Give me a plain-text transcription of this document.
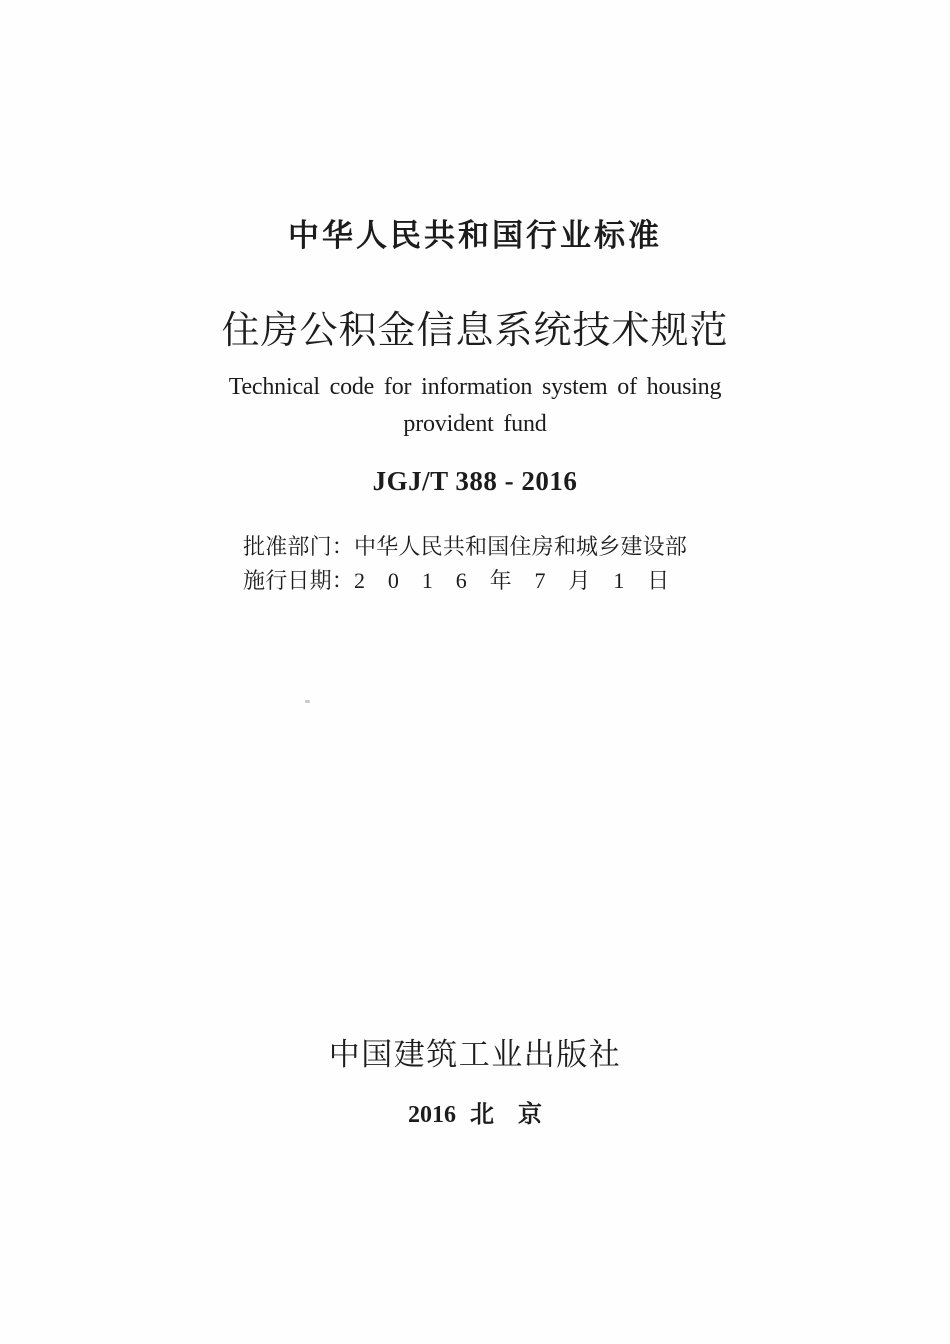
中华人民共和国行业标准
住房公积金信息系统技术规范
Technical code for information system of housing
provident fund
JGJ/T 388 - 2016
批准部门：中华人民共和国住房和城乡建设部
施行日期：2 0 1 6 年 7 月 1 日
中国建筑工业出版社
2016 北　京
